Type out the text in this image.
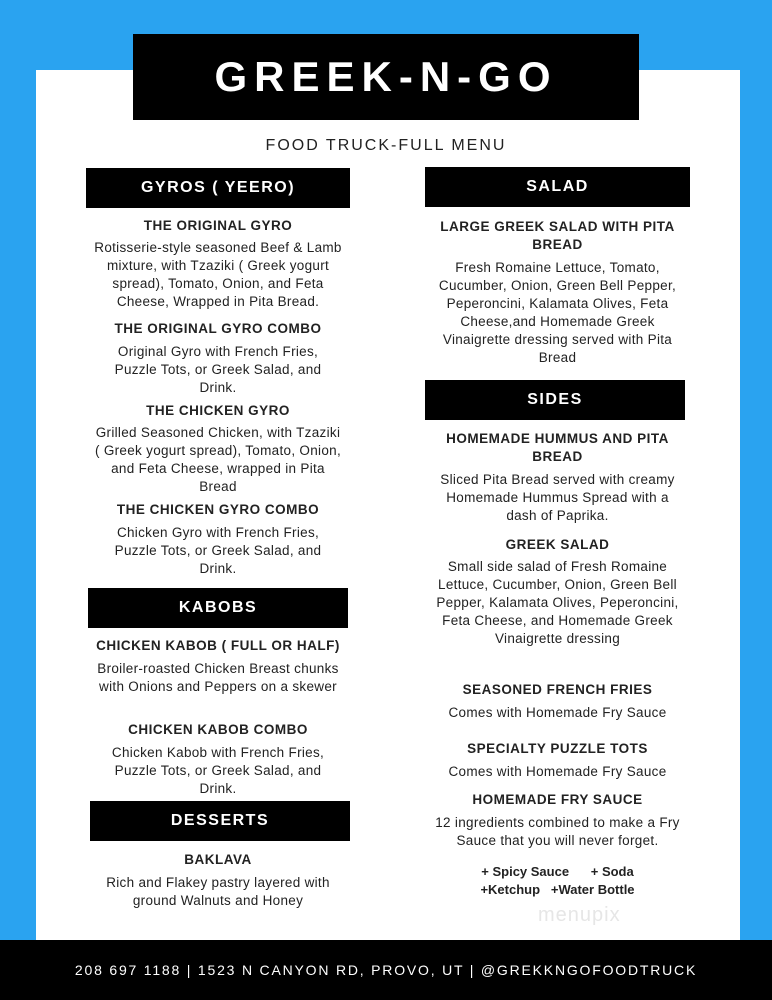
GREEK-N-GO
FOOD TRUCK-FULL MENU
GYROS ( YEERO)
THE ORIGINAL GYRO
Rotisserie-style seasoned Beef & Lamb mixture, with Tzaziki ( Greek yogurt spread), Tomato, Onion, and Feta Cheese, Wrapped in Pita Bread.
THE ORIGINAL GYRO COMBO
Original Gyro with French Fries, Puzzle Tots, or Greek Salad, and Drink.
THE CHICKEN GYRO
Grilled Seasoned Chicken, with Tzaziki ( Greek yogurt spread), Tomato, Onion, and Feta Cheese, wrapped in Pita Bread
THE CHICKEN GYRO COMBO
Chicken Gyro with French Fries, Puzzle Tots, or Greek Salad, and Drink.
KABOBS
CHICKEN KABOB ( FULL OR HALF)
Broiler-roasted Chicken Breast chunks with Onions and Peppers on a skewer
CHICKEN KABOB COMBO
Chicken Kabob with French Fries, Puzzle Tots, or Greek Salad, and Drink.
DESSERTS
BAKLAVA
Rich and Flakey pastry layered with ground Walnuts and Honey
SALAD
LARGE GREEK SALAD WITH PITA BREAD
Fresh Romaine Lettuce, Tomato, Cucumber, Onion, Green Bell Pepper, Peperoncini, Kalamata Olives, Feta Cheese,and Homemade Greek Vinaigrette dressing served with Pita Bread
SIDES
HOMEMADE HUMMUS AND PITA BREAD
Sliced Pita Bread served with creamy Homemade Hummus Spread with a dash of Paprika.
GREEK SALAD
Small side salad of Fresh Romaine Lettuce, Cucumber, Onion, Green Bell Pepper, Kalamata Olives, Peperoncini, Feta Cheese, and Homemade Greek Vinaigrette dressing
SEASONED FRENCH FRIES
Comes with Homemade Fry Sauce
SPECIALTY PUZZLE TOTS
Comes with Homemade Fry Sauce
HOMEMADE FRY SAUCE
12 ingredients combined to make a Fry Sauce that you will never forget.
+ Spicy Sauce      + Soda
+Ketchup   +Water Bottle
menupix
208 697 1188 | 1523 N CANYON RD, PROVO, UT | @GREKKNGOFOODTRUCK
